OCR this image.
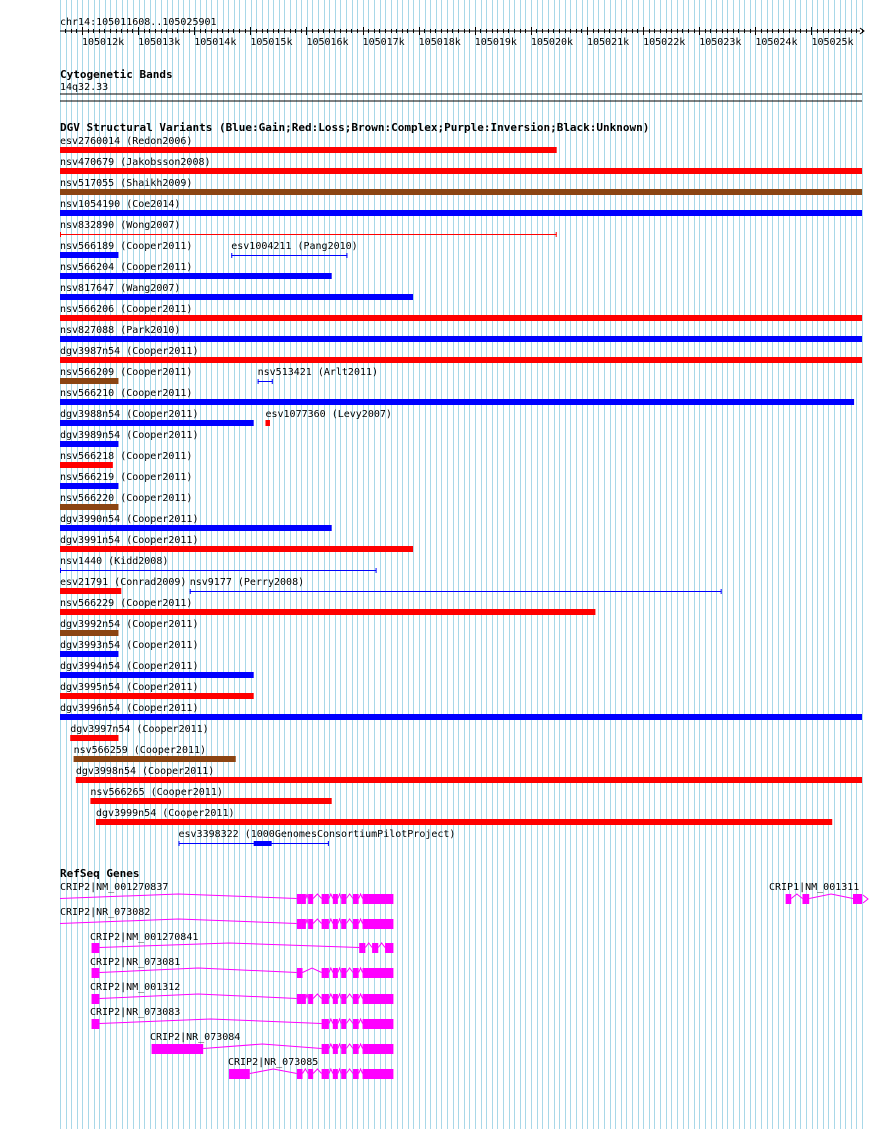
chr14:105011608..105025901
105012k 105013k 105014k 105015k 105016k 105017k 105018k 105019k 105020k 105021k 105022k 105023k 105024k 105025k
Cytogenetic Bands
14q32.33
DGV Structural Variants (Blue:Gain;Red:Loss;Brown:Complex;Purple:Inversion;Black:Unknown)
esv2760014 (Redon2006)
nsv470679 (Jakobsson2008)
nsv517055 (Shaikh2009)
nsv1054190 (Coe2014)
nsv832890 (Wong2007)
nsv566189 (Cooper2011)	esv1004211 (Pang2010)
nsv566204 (Cooper2011)
nsv817647 (Wang2007)
nsv566206 (Cooper2011)
nsv827088 (Park2010)
dgv3987n54 (Cooper2011)
nsv566209 (Cooper2011)	nsv513421 (Arlt2011)
nsv566210 (Cooper2011)
dgv3988n54 (Cooper2011)	esv1077360 (Levy2007)
dgv3989n54 (Cooper2011)
nsv566218 (Cooper2011)
nsv566219 (Cooper2011)
nsv566220 (Cooper2011)
dgv3990n54 (Cooper2011)
dgv3991n54 (Cooper2011)
nsv1440 (Kidd2008)
esv21791 (Conrad2009) nsv9177 (Perry2008)
nsv566229 (Cooper2011)
dgv3992n54 (Cooper2011)
dgv3993n54 (Cooper2011)
dgv3994n54 (Cooper2011)
dgv3995n54 (Cooper2011)
dgv3996n54 (Cooper2011)
dgv3997n54 (Cooper2011)
nsv566259 (Cooper2011)
dgv3998n54 (Cooper2011)
nsv566265 (Cooper2011)
dgv3999n54 (Cooper2011)
esv3398322 (1000GenomesConsortiumPilotProject)
RefSeq Genes
CRIP2|NM_001270837
CRIP2|NR_073082
CRIP2|NM_001270841
CRIP2|NR_073081
CRIP2|NM_001312
CRIP2|NR_073083
CRIP2|NR_073084
CRIP2|NR_073085
CRIP1|NM_001311
